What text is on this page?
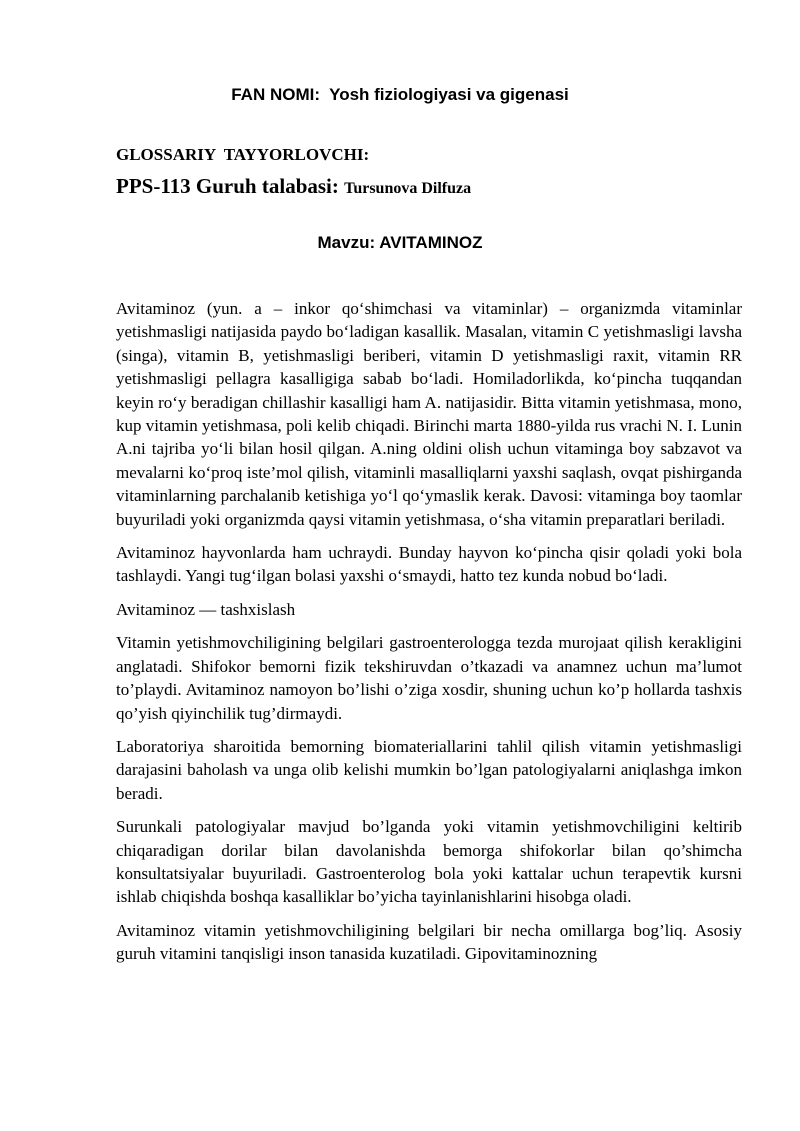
FAN NOMI:  Yosh fiziologiyasi va gigenasi
GLOSSARIY  TAYYORLOVCHI:
PPS-113 Guruh talabasi: Tursunova Dilfuza
Mavzu: AVITAMINOZ

Avitaminoz (yun. a – inkor qo‘shimchasi va vitaminlar) – organizmda vitaminlar yetishmasligi natijasida paydo bo‘ladigan kasallik. Masalan, vitamin C yetishmasligi lavsha (singa), vitamin B, yetishmasligi beriberi, vitamin D yetishmasligi raxit, vitamin RR yetishmasligi pellagra kasalligiga sabab bo‘ladi. Homiladorlikda, ko‘pincha tuqqandan keyin ro‘y beradigan chillashir kasalligi ham A. natijasidir. Bitta vitamin yetishmasa, mono, kup vitamin yetishmasa, poli kelib chiqadi. Birinchi marta 1880-yilda rus vrachi N. I. Lunin A.ni tajriba yo‘li bilan hosil qilgan. A.ning oldini olish uchun vitaminga boy sabzavot va mevalarni ko‘proq iste’mol qilish, vitaminli masalliqlarni yaxshi saqlash, ovqat pishirganda vitaminlarning parchalanib ketishiga yo‘l qo‘ymaslik kerak. Davosi: vitaminga boy taomlar buyuriladi yoki organizmda qaysi vitamin yetishmasa, o‘sha vitamin preparatlari beriladi.

Avitaminoz hayvonlarda ham uchraydi. Bunday hayvon ko‘pincha qisir qoladi yoki bola tashlaydi. Yangi tug‘ilgan bolasi yaxshi o‘smaydi, hatto tez kunda nobud bo‘ladi.

Avitaminoz — tashxislash

Vitamin yetishmovchiligining belgilari gastroenterologga tezda murojaat qilish kerakligini anglatadi. Shifokor bemorni fizik tekshiruvdan o’tkazadi va anamnez uchun ma’lumot to’playdi. Avitaminoz namoyon bo’lishi o’ziga xosdir, shuning uchun ko’p hollarda tashxis qo’yish qiyinchilik tug’dirmaydi.

Laboratoriya sharoitida bemorning biomateriallarini tahlil qilish vitamin yetishmasligi darajasini baholash va unga olib kelishi mumkin bo’lgan patologiyalarni aniqlashga imkon beradi.

Surunkali patologiyalar mavjud bo’lganda yoki vitamin yetishmovchiligini keltirib chiqaradigan dorilar bilan davolanishda bemorga shifokorlar bilan qo’shimcha konsultatsiyalar buyuriladi. Gastroenterolog bola yoki kattalar uchun terapevtik kursni ishlab chiqishda boshqa kasalliklar bo’yicha tayinlanishlarini hisobga oladi.

Avitaminoz vitamin yetishmovchiligining belgilari bir necha omillarga bog’liq. Asosiy guruh vitamini tanqisligi inson tanasida kuzatiladi. Gipovitaminozning
